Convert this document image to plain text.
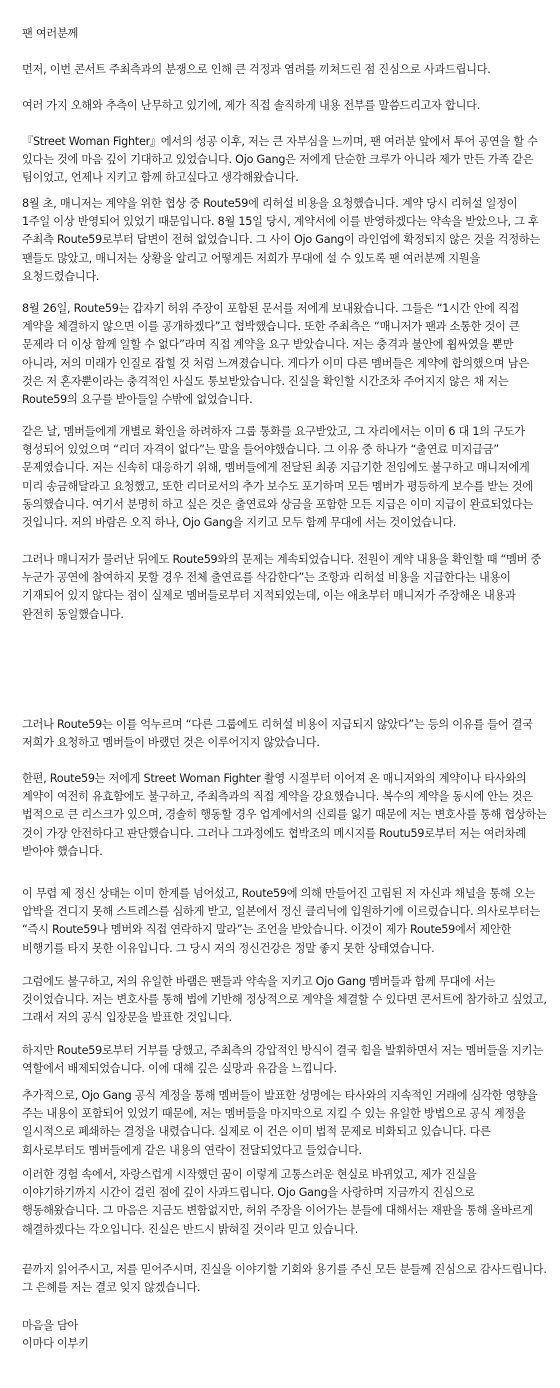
팬 여러분께

먼저, 이번 콘서트 주최측과의 분쟁으로 인해 큰 걱정과 염려를 끼쳐드린 점 진심으로 사과드립니다.

여러 가지 오해와 추측이 난무하고 있기에, 제가 직접 솔직하게 내용 전부를 말씀드리고자 합니다.

『Street Woman Fighter』에서의 성공 이후, 저는 큰 자부심을 느끼며, 팬 여러분 앞에서 투어 공연을 할 수 있다는 것에 마음 깊이 기대하고 있었습니다. Ojo Gang은 저에게 단순한 크루가 아니라 제가 만든 가족 같은 팀이었고, 언제나 지키고 함께 하고싶다고 생각해왔습니다.

8월 초, 매니저는 계약을 위한 협상 중 Route59에 리허설 비용을 요청했습니다. 계약 당시 리허설 일정이 1주일 이상 반영되어 있었기 때문입니다. 8월 15일 당시, 계약서에 이를 반영하겠다는 약속을 받았으나, 그 후 주최측 Route59로부터 답변이 전혀 없었습니다. 그 사이 Ojo Gang이 라인업에 확정되지 않은 것을 걱정하는 팬들도 많았고, 매니저는 상황을 알리고 어떻게든 저희가 무대에 설 수 있도록 팬 여러분께 지원을 요청드렸습니다.

8월 26일, Route59는 갑자기 허위 주장이 포함된 문서를 저에게 보내왔습니다. 그들은 “1시간 안에 직접 계약을 체결하지 않으면 이를 공개하겠다”고 협박했습니다. 또한 주최측은 “매니저가 팬과 소통한 것이 큰 문제라 더 이상 함께 일할 수 없다”라며 직접 계약을 요구 받았습니다. 저는 충격과 불안에 휩싸였을 뿐만 아니라, 저의 미래가 인질로 잡힐 것 처럼 느껴졌습니다. 게다가 이미 다른 멤버들은 계약에 합의했으며 남은 것은 저 혼자뿐이라는 충격적인 사실도 통보받았습니다. 진실을 확인할 시간조차 주어지지 않은 채 저는 Route59의 요구를 받아들일 수밖에 없었습니다.

같은 날, 멤버들에게 개별로 확인을 하려하자 그룹 통화를 요구받았고, 그 자리에서는 이미 6 대 1의 구도가 형성되어 있었으며 “리더 자격이 없다”는 말을 들어야했습니다. 그 이유 중 하나가 “출연료 미지급금” 문제였습니다. 저는 신속히 대응하기 위해, 멤버들에게 전달된 최종 지급기한 전임에도 불구하고 매니저에게 미리 송금해달라고 요청했고, 또한 리더로서의 추가 보수도 포기하며 모든 멤버가 평등하게 보수를 받는 것에 동의했습니다. 여기서 분명히 하고 싶은 것은 출연료와 상금을 포함한 모든 지급은 이미 지급이 완료되었다는 것입니다. 저의 바람은 오직 하나, Ojo Gang을 지키고 모두 함께 무대에 서는 것이었습니다.

그러나 매니저가 물러난 뒤에도 Route59와의 문제는 계속되었습니다. 전원이 계약 내용을 확인할 때 “멤버 중 누군가 공연에 참여하지 못할 경우 전체 출연료를 삭감한다”는 조항과 리허설 비용을 지급한다는 내용이 기재되어 있지 않다는 점이 실제로 멤버들로부터 지적되었는데, 이는 애초부터 매니저가 주장해온 내용과 완전히 동일했습니다.

그러나 Route59는 이를 억누르며 “다른 그룹에도 리허설 비용이 지급되지 않았다”는 등의 이유를 들어 결국 저희가 요청하고 멤버들이 바랬던 것은 이루어지지 않았습니다.

한편, Route59는 저에게 Street Woman Fighter 촬영 시절부터 이어져 온 매니저와의 계약이나 타사와의 계약이 여전히 유효함에도 불구하고, 주최측과의 직접 계약을 강요했습니다. 복수의 계약을 동시에 안는 것은 법적으로 큰 리스크가 있으며, 경솔히 행동할 경우 업계에서의 신뢰를 잃기 때문에 저는 변호사를 통해 협상하는 것이 가장 안전하다고 판단했습니다. 그러나 그과정에도 협박조의 메시지를 Routu59로부터 저는 여러차례 받아야 했습니다.

이 무렵 제 정신 상태는 이미 한계를 넘어섰고, Route59에 의해 만들어진 고립된 저 자신과 채널을 통해 오는 압박을 견디지 못해 스트레스를 심하게 받고, 일본에서 정신 클리닉에 입원하기에 이르렀습니다. 의사로부터는 “즉시 Route59나 멤버와 직접 연락하지 말라”는 조언을 받았습니다. 이것이 제가 Route59에서 제안한 비행기를 타지 못한 이유입니다. 그 당시 저의 정신건강은 정말 좋지 못한 상태였습니다.

그럼에도 불구하고, 저의 유일한 바램은 팬들과 약속을 지키고 Ojo Gang 멤버들과 함께 무대에 서는 것이었습니다. 저는 변호사를 통해 법에 기반해 정상적으로 계약을 체결할 수 있다면 콘서트에 참가하고 싶었고, 그래서 저의 공식 입장문을 발표한 것입니다.

하지만 Route59로부터 거부를 당했고, 주최측의 강압적인 방식이 결국 힘을 발휘하면서 저는 멤버들을 지키는 역할에서 배제되었습니다. 이에 대해 깊은 실망과 유감을 느낍니다.

추가적으로, Ojo Gang 공식 계정을 통해 멤버들이 발표한 성명에는 타사와의 지속적인 거래에 심각한 영향을 주는 내용이 포함되어 있었기 때문에, 저는 멤버들을 마지막으로 지킬 수 있는 유일한 방법으로 공식 계정을 일시적으로 폐쇄하는 결정을 내렸습니다. 실제로 이 건은 이미 법적 문제로 비화되고 있습니다. 다른 회사로부터도 멤버들에게 같은 내용의 연락이 전달되었다고 들었습니다.

이러한 경험 속에서, 자랑스럽게 시작했던 꿈이 이렇게 고통스러운 현실로 바뀌었고, 제가 진실을 이야기하기까지 시간이 걸린 점에 깊이 사과드립니다. Ojo Gang을 사랑하며 지금까지 진심으로 행동해왔습니다. 그 마음은 지금도 변함없지만, 허위 주장을 이어가는 분들에 대해서는 재판을 통해 올바르게 해결하겠다는 각오입니다. 진실은 반드시 밝혀질 것이라 믿고 있습니다.

끝까지 읽어주시고, 저를 믿어주시며, 진실을 이야기할 기회와 용기를 주신 모든 분들께 진심으로 감사드립니다. 그 은혜를 저는 결코 잊지 않겠습니다.

마음을 담아

이마다 이부키
